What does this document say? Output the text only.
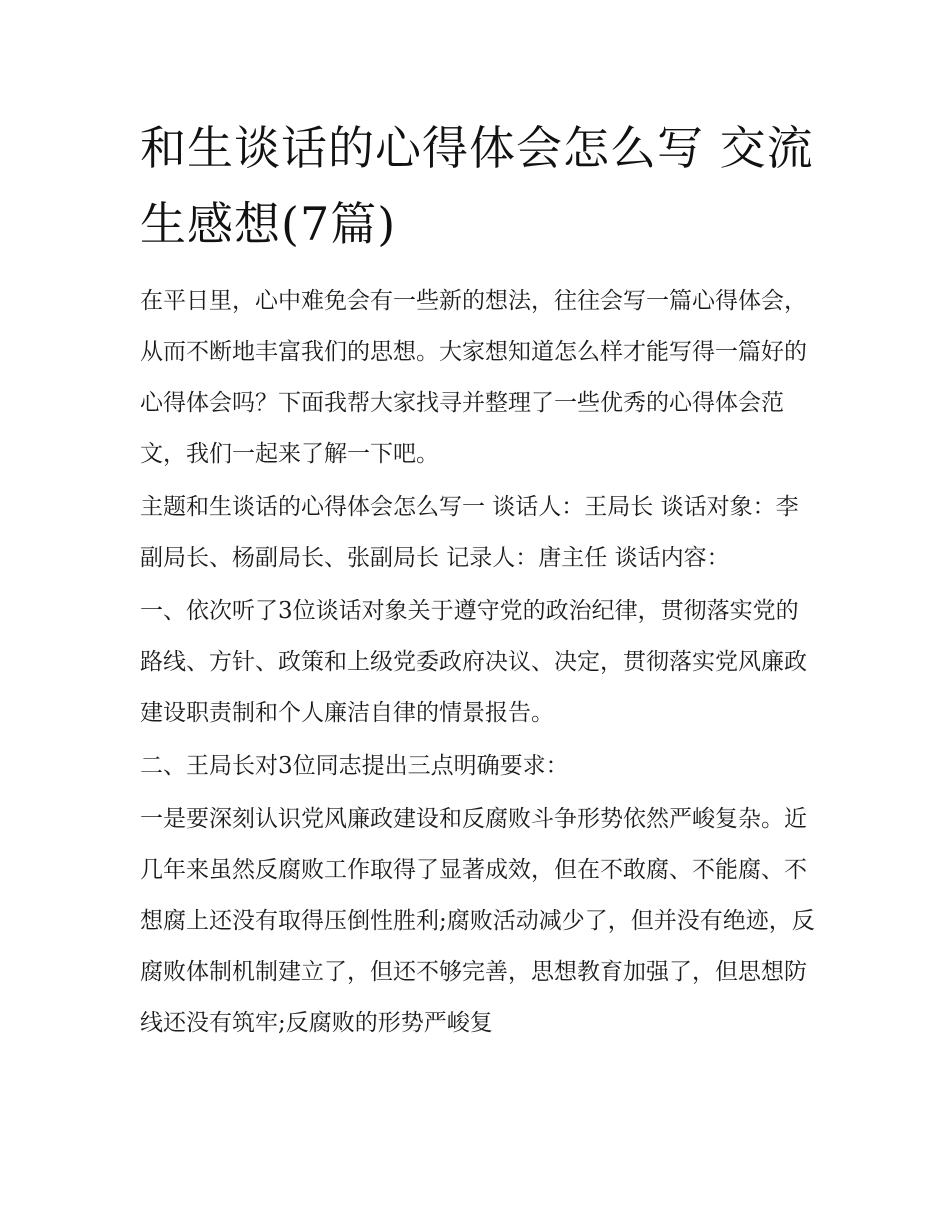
和生谈话的心得体会怎么写 交流生感想(7篇)

在平日里，心中难免会有一些新的想法，往往会写一篇心得体会，从而不断地丰富我们的思想。大家想知道怎么样才能写得一篇好的心得体会吗？下面我帮大家找寻并整理了一些优秀的心得体会范文，我们一起来了解一下吧。

主题和生谈话的心得体会怎么写一 谈话人：王局长 谈话对象：李副局长、杨副局长、张副局长 记录人：唐主任 谈话内容：

一、依次听了3位谈话对象关于遵守党的政治纪律，贯彻落实党的路线、方针、政策和上级党委政府决议、决定，贯彻落实党风廉政建设职责制和个人廉洁自律的情景报告。

二、王局长对3位同志提出三点明确要求：

一是要深刻认识党风廉政建设和反腐败斗争形势依然严峻复杂。近几年来虽然反腐败工作取得了显著成效，但在不敢腐、不能腐、不想腐上还没有取得压倒性胜利;腐败活动减少了，但并没有绝迹，反腐败体制机制建立了，但还不够完善，思想教育加强了，但思想防线还没有筑牢;反腐败的形势严峻复
